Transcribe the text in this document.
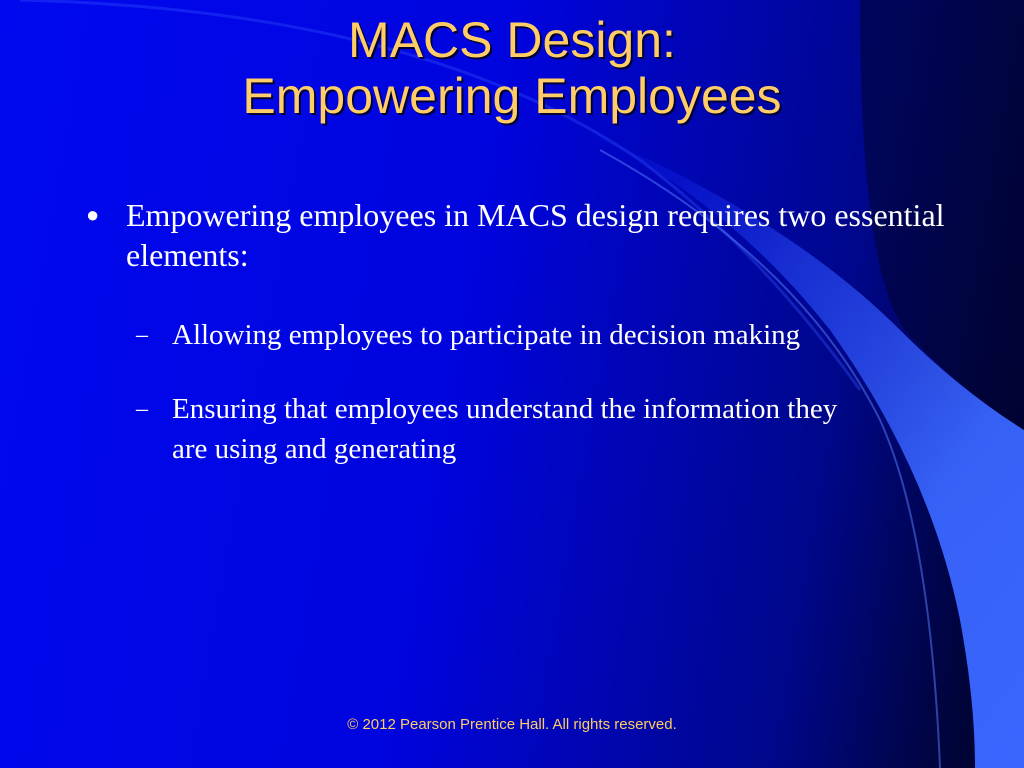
MACS Design:
Empowering Employees
● Empowering employees in MACS design requires two essential elements:
– Allowing employees to participate in decision making
– Ensuring that employees understand the information they are using and generating
© 2012 Pearson Prentice Hall. All rights reserved.
